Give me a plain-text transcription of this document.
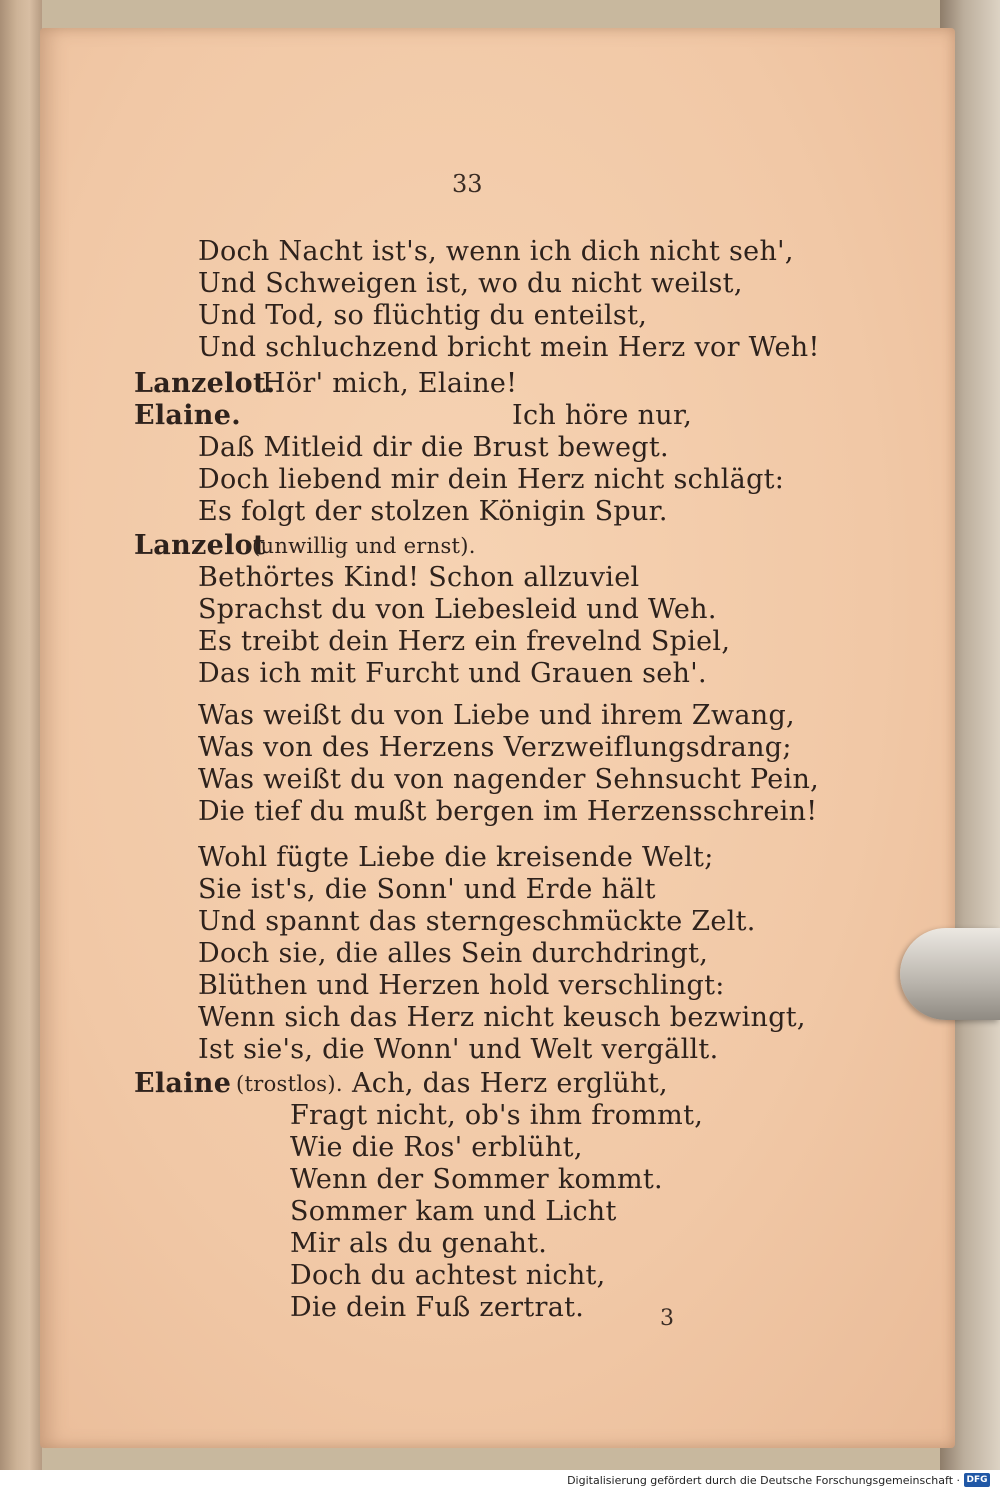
33
Doch Nacht ist's, wenn ich dich nicht seh',
Und Schweigen ist, wo du nicht weilst,
Und Tod, so flüchtig du enteilst,
Und schluchzend bricht mein Herz vor Weh!
Lanzelot.
Hör' mich, Elaine!
Elaine.	Ich höre nur,
Daß Mitleid dir die Brust bewegt.
Doch liebend mir dein Herz nicht schlägt:
Es folgt der stolzen Königin Spur.
Lanzelot
(unwillig und ernst).
Bethörtes Kind! Schon allzuviel
Sprachst du von Liebesleid und Weh.
Es treibt dein Herz ein frevelnd Spiel,
Das ich mit Furcht und Grauen seh'.
Was weißt du von Liebe und ihrem Zwang,
Was von des Herzens Verzweiflungsdrang;
Was weißt du von nagender Sehnsucht Pein,
Die tief du mußt bergen im Herzensschrein!
Wohl fügte Liebe die kreisende Welt;
Sie ist's, die Sonn' und Erde hält
Und spannt das sterngeschmückte Zelt.
Doch sie, die alles Sein durchdringt,
Blüthen und Herzen hold verschlingt:
Wenn sich das Herz nicht keusch bezwingt,
Ist sie's, die Wonn' und Welt vergällt.
Elaine (trostlos). Ach, das Herz erglüht,
Fragt nicht, ob's ihm frommt,
Wie die Ros' erblüht,
Wenn der Sommer kommt.
Sommer kam und Licht
Mir als du genaht.
Doch du achtest nicht,
Die dein Fuß zertrat.	3
Digitalisierung gefördert durch die Deutsche Forschungsgemeinschaft · DFG
